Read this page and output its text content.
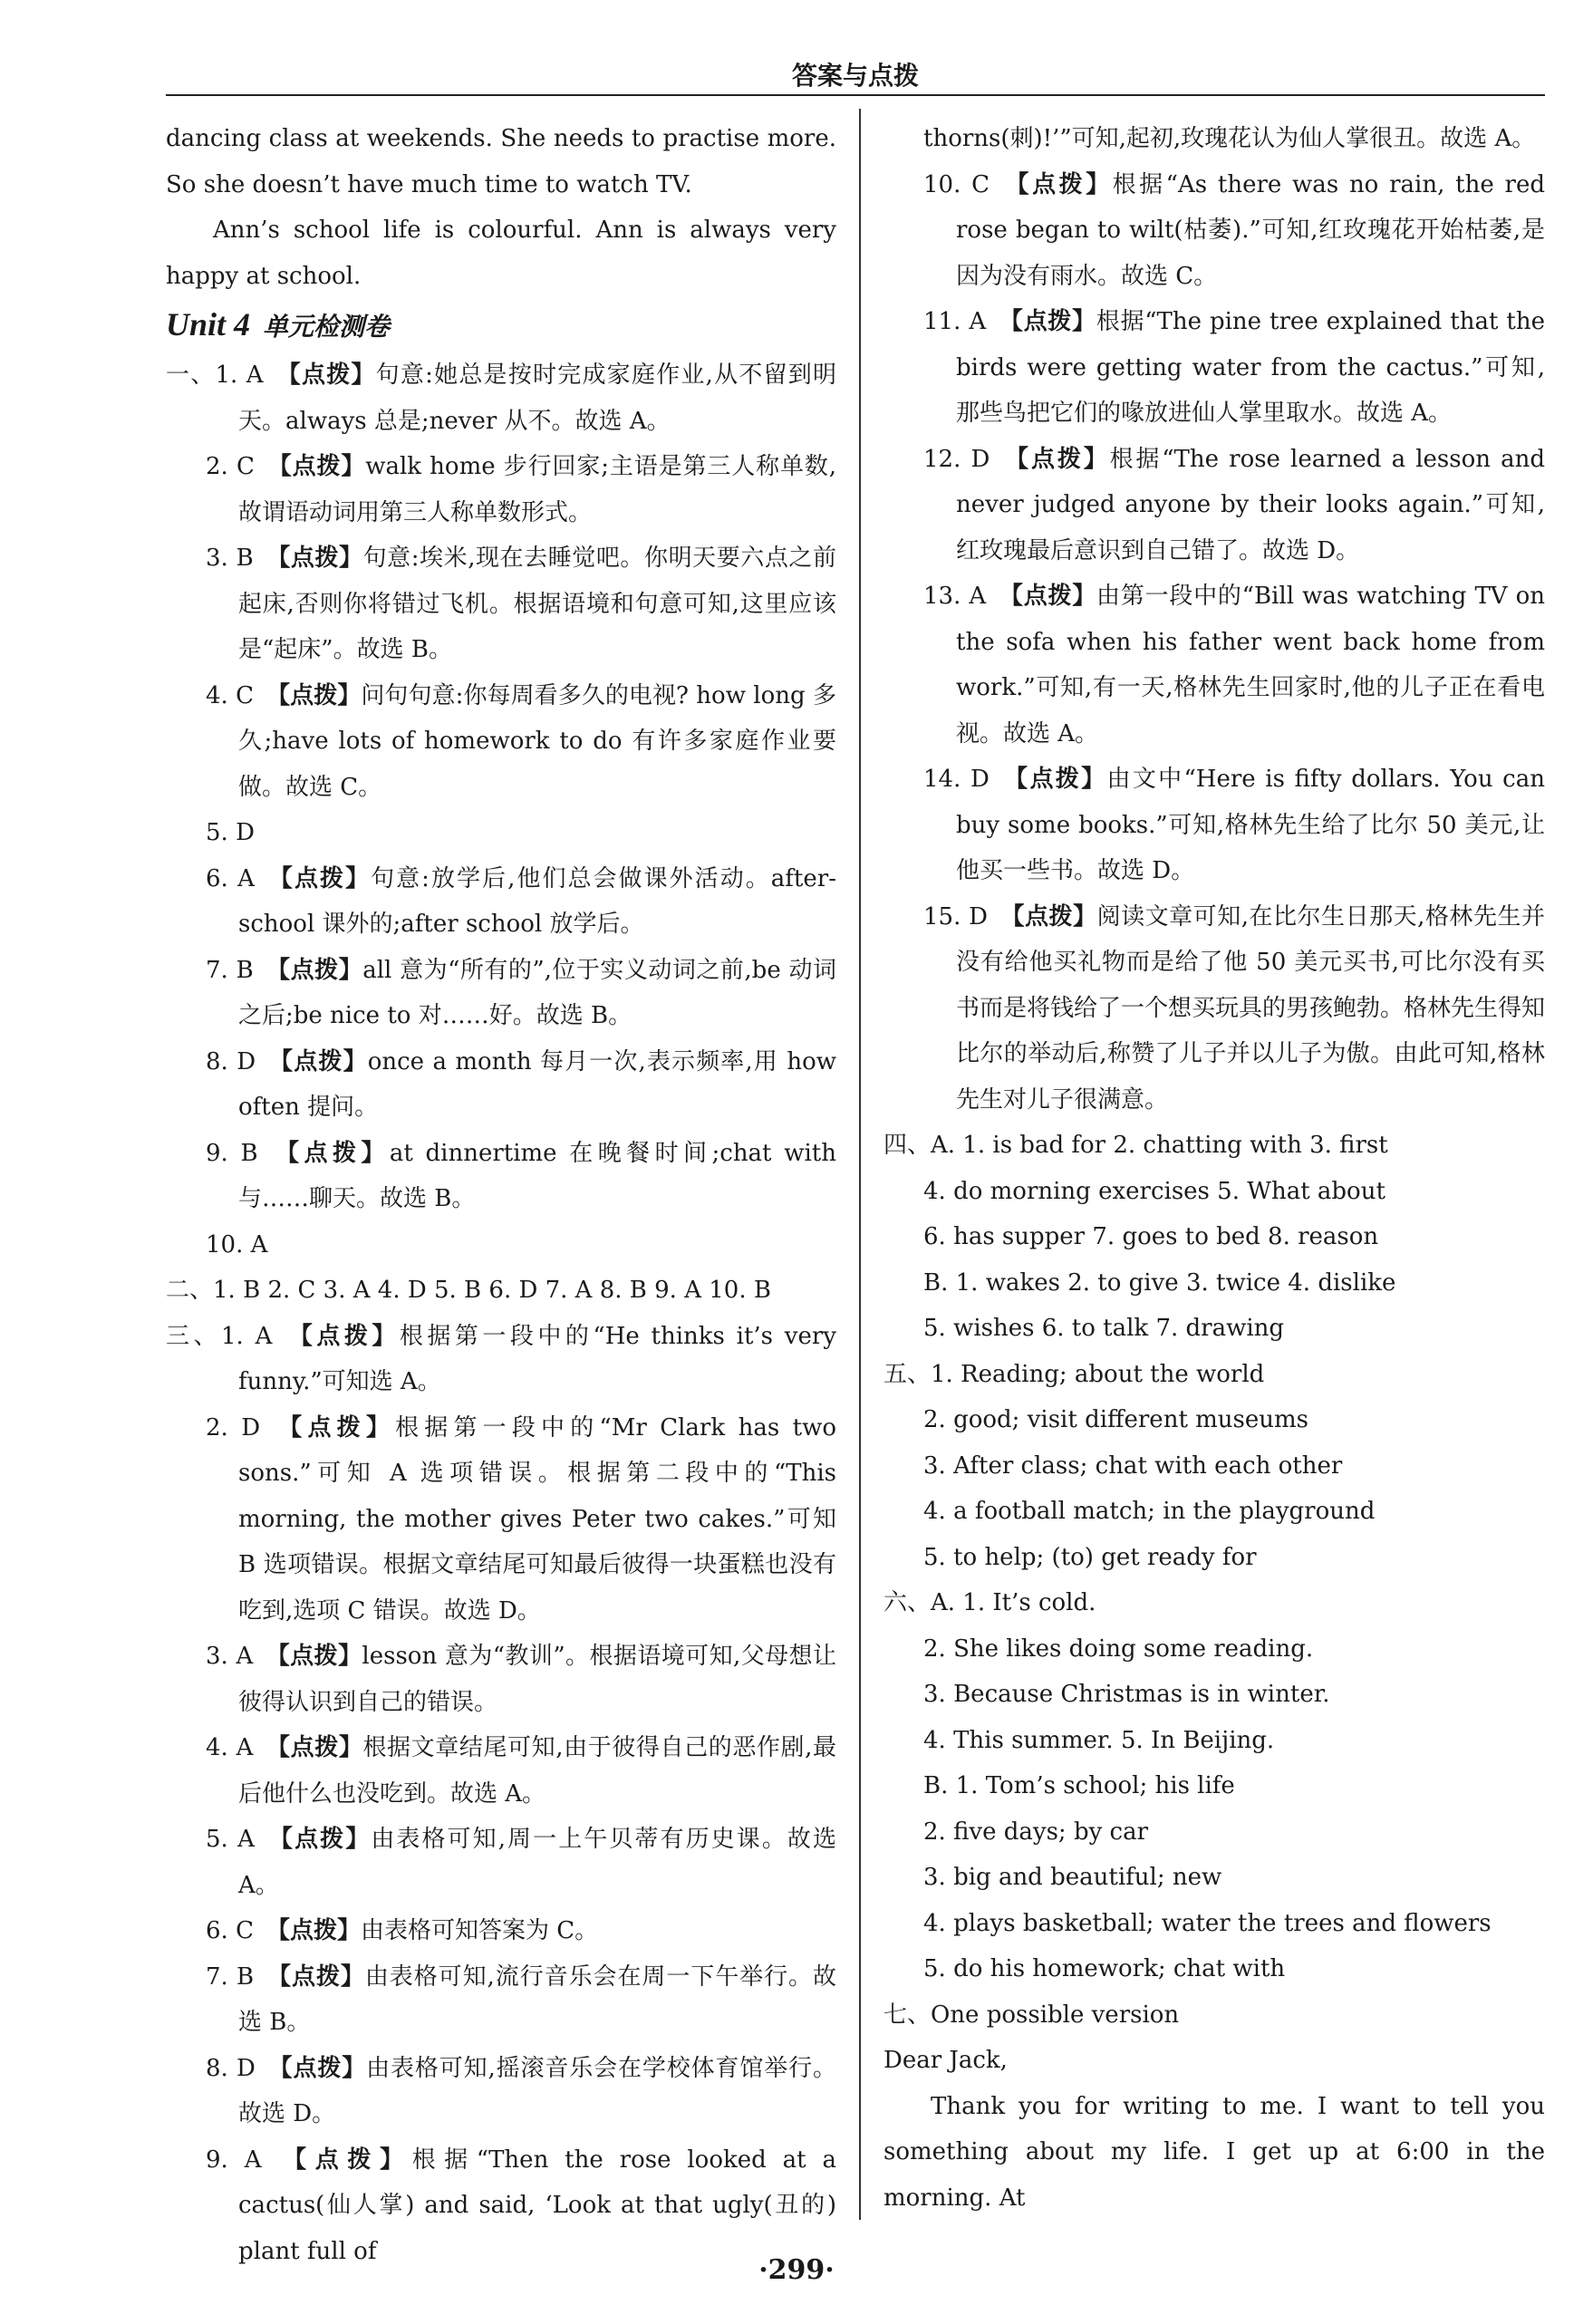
答案与点拨

dancing class at weekends. She needs to practise more. So she doesn’t have much time to watch TV.

Ann’s school life is colourful. Ann is always very happy at school.

Unit 4 单元检测卷

一、1. A 【点拨】句意:她总是按时完成家庭作业,从不留到明天。always 总是;never 从不。故选 A。

2. C 【点拨】walk home 步行回家;主语是第三人称单数,故谓语动词用第三人称单数形式。

3. B 【点拨】句意:埃米,现在去睡觉吧。你明天要六点之前起床,否则你将错过飞机。根据语境和句意可知,这里应该是“起床”。故选 B。

4. C 【点拨】问句句意:你每周看多久的电视? how long 多久;have lots of homework to do 有许多家庭作业要做。故选 C。

5. D

6. A 【点拨】句意:放学后,他们总会做课外活动。after-school 课外的;after school 放学后。

7. B 【点拨】all 意为“所有的”,位于实义动词之前,be 动词之后;be nice to 对……好。故选 B。

8. D 【点拨】once a month 每月一次,表示频率,用 how often 提问。

9. B 【点拨】at dinnertime 在晚餐时间;chat with 与……聊天。故选 B。

10. A

二、1. B 2. C 3. A 4. D 5. B 6. D 7. A 8. B 9. A 10. B

三、1. A 【点拨】根据第一段中的“He thinks it’s very funny.”可知选 A。

2. D 【点拨】根据第一段中的“Mr Clark has two sons.”可知 A 选项错误。根据第二段中的“This morning, the mother gives Peter two cakes.”可知 B 选项错误。根据文章结尾可知最后彼得一块蛋糕也没有吃到,选项 C 错误。故选 D。

3. A 【点拨】lesson 意为“教训”。根据语境可知,父母想让彼得认识到自己的错误。

4. A 【点拨】根据文章结尾可知,由于彼得自己的恶作剧,最后他什么也没吃到。故选 A。

5. A 【点拨】由表格可知,周一上午贝蒂有历史课。故选 A。

6. C 【点拨】由表格可知答案为 C。

7. B 【点拨】由表格可知,流行音乐会在周一下午举行。故选 B。

8. D 【点拨】由表格可知,摇滚音乐会在学校体育馆举行。故选 D。

9. A 【点拨】根据“Then the rose looked at a cactus(仙人掌) and said, ‘Look at that ugly(丑的) plant full of

thorns(刺)!’”可知,起初,玫瑰花认为仙人掌很丑。故选 A。

10. C 【点拨】根据“As there was no rain, the red rose began to wilt(枯萎).”可知,红玫瑰花开始枯萎,是因为没有雨水。故选 C。

11. A 【点拨】根据“The pine tree explained that the birds were getting water from the cactus.”可知,那些鸟把它们的喙放进仙人掌里取水。故选 A。

12. D 【点拨】根据“The rose learned a lesson and never judged anyone by their looks again.”可知,红玫瑰最后意识到自己错了。故选 D。

13. A 【点拨】由第一段中的“Bill was watching TV on the sofa when his father went back home from work.”可知,有一天,格林先生回家时,他的儿子正在看电视。故选 A。

14. D 【点拨】由文中“Here is fifty dollars. You can buy some books.”可知,格林先生给了比尔 50 美元,让他买一些书。故选 D。

15. D 【点拨】阅读文章可知,在比尔生日那天,格林先生并没有给他买礼物而是给了他 50 美元买书,可比尔没有买书而是将钱给了一个想买玩具的男孩鲍勃。格林先生得知比尔的举动后,称赞了儿子并以儿子为傲。由此可知,格林先生对儿子很满意。

四、A. 1. is bad for 2. chatting with 3. first

4. do morning exercises 5. What about

6. has supper 7. goes to bed 8. reason

B. 1. wakes 2. to give 3. twice 4. dislike

5. wishes 6. to talk 7. drawing

五、1. Reading; about the world

2. good; visit different museums

3. After class; chat with each other

4. a football match; in the playground

5. to help; (to) get ready for

六、A. 1. It’s cold.

2. She likes doing some reading.

3. Because Christmas is in winter.

4. This summer. 5. In Beijing.

B. 1. Tom’s school; his life

2. five days; by car

3. big and beautiful; new

4. plays basketball; water the trees and flowers

5. do his homework; chat with

七、One possible version

Dear Jack,

Thank you for writing to me. I want to tell you something about my life. I get up at 6:00 in the morning. At

·299·
